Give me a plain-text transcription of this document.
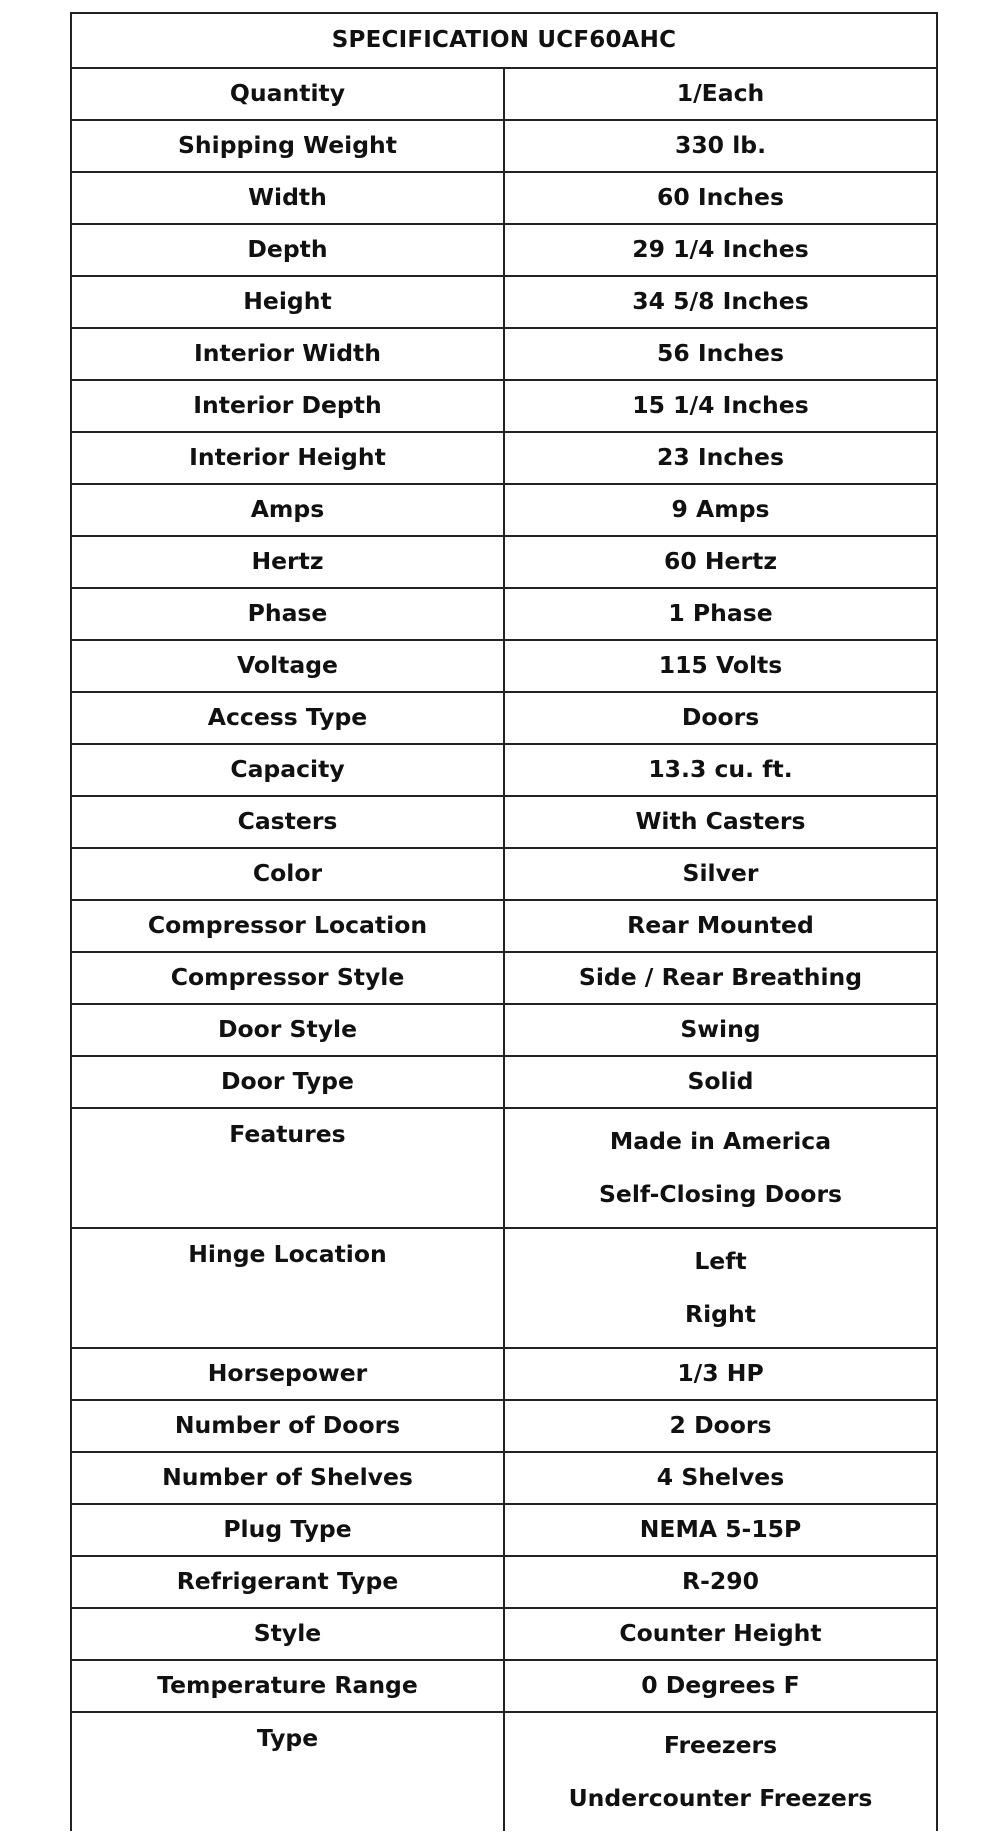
SPECIFICATION UCF60AHC	
Quantity	1/Each
Shipping Weight	330 lb.
Width	60 Inches
Depth	29 1/4 Inches
Height	34 5/8 Inches
Interior Width	56 Inches
Interior Depth	15 1/4 Inches
Interior Height	23 Inches
Amps	9 Amps
Hertz	60 Hertz
Phase	1 Phase
Voltage	115 Volts
Access Type	Doors
Capacity	13.3 cu. ft.
Casters	With Casters
Color	Silver
Compressor Location	Rear Mounted
Compressor Style	Side / Rear Breathing
Door Style	Swing
Door Type	Solid
Features	Made in America
Self-Closing Doors

Hinge Location	Left
Right

Horsepower	1/3 HP
Number of Doors	2 Doors
Number of Shelves	4 Shelves
Plug Type	NEMA 5-15P
Refrigerant Type	R-290
Style	Counter Height
Temperature Range	0 Degrees F
Type	Freezers
Undercounter Freezers
